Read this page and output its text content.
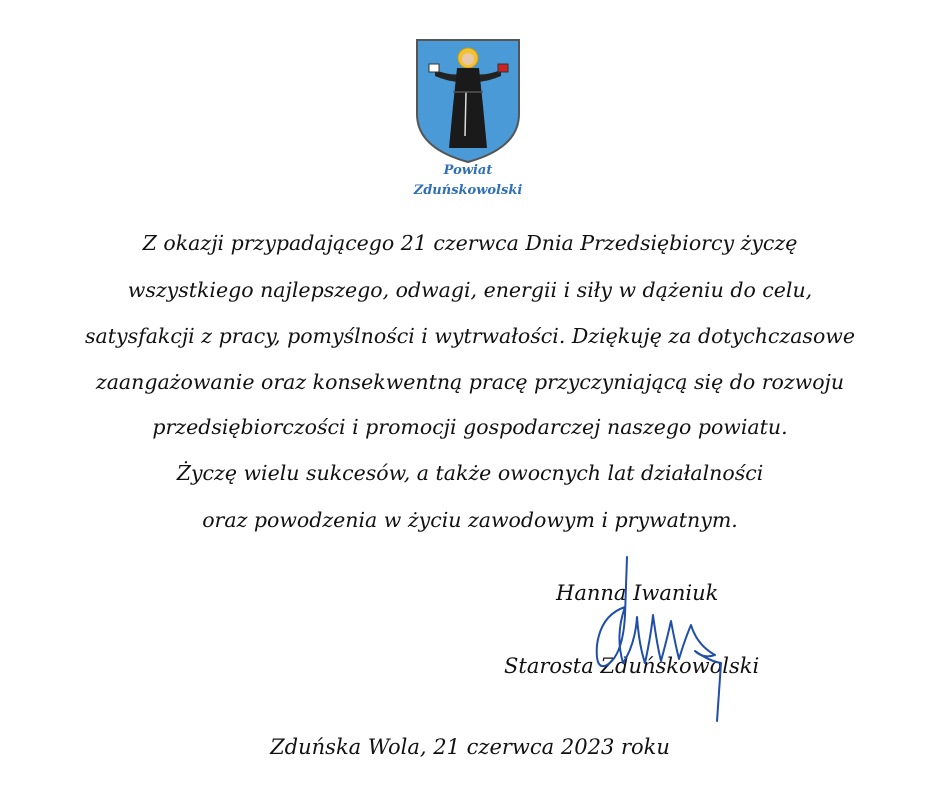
Powiat
Zduńskowolski
Z okazji przypadającego 21 czerwca Dnia Przedsiębiorcy życzę
wszystkiego najlepszego, odwagi, energii i siły w dążeniu do celu,
satysfakcji z pracy, pomyślności i wytrwałości. Dziękuję za dotychczasowe
zaangażowanie oraz konsekwentną pracę przyczyniającą się do rozwoju
przedsiębiorczości i promocji gospodarczej naszego powiatu.
Życzę wielu sukcesów, a także owocnych lat działalności
oraz powodzenia w życiu zawodowym i prywatnym.
Hanna Iwaniuk
Starosta Zduńskowolski
Zduńska Wola, 21 czerwca 2023 roku
